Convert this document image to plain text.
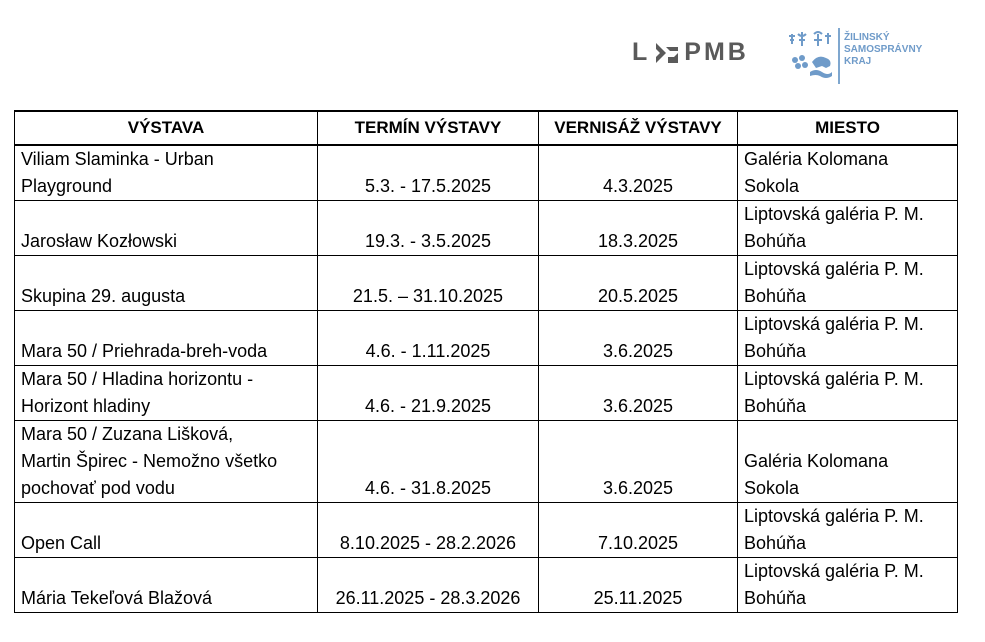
L PMB
ŽILINSKÝ
SAMOSPRÁVNY
KRAJ
VÝSTAVA	TERMÍN VÝSTAVY	VERNISÁŽ VÝSTAVY	MIESTO
Viliam Slaminka - Urban
Playground	5.3. - 17.5.2025	4.3.2025	Galéria Kolomana
Sokola
Jarosław Kozłowski	19.3. - 3.5.2025	18.3.2025	Liptovská galéria P. M.
Bohúňa
Skupina 29. augusta	21.5. – 31.10.2025	20.5.2025	Liptovská galéria P. M.
Bohúňa
Mara 50 / Priehrada-breh-voda	4.6. - 1.11.2025	3.6.2025	Liptovská galéria P. M.
Bohúňa
Mara 50 / Hladina horizontu -
Horizont hladiny	4.6. - 21.9.2025	3.6.2025	Liptovská galéria P. M.
Bohúňa
Mara 50 / Zuzana Lišková,
Martin Špirec - Nemožno všetko
pochovať pod vodu	4.6. - 31.8.2025	3.6.2025	Galéria Kolomana
Sokola
Open Call	8.10.2025 - 28.2.2026	7.10.2025	Liptovská galéria P. M.
Bohúňa
Mária Tekeľová Blažová	26.11.2025 - 28.3.2026	25.11.2025	Liptovská galéria P. M.
Bohúňa
